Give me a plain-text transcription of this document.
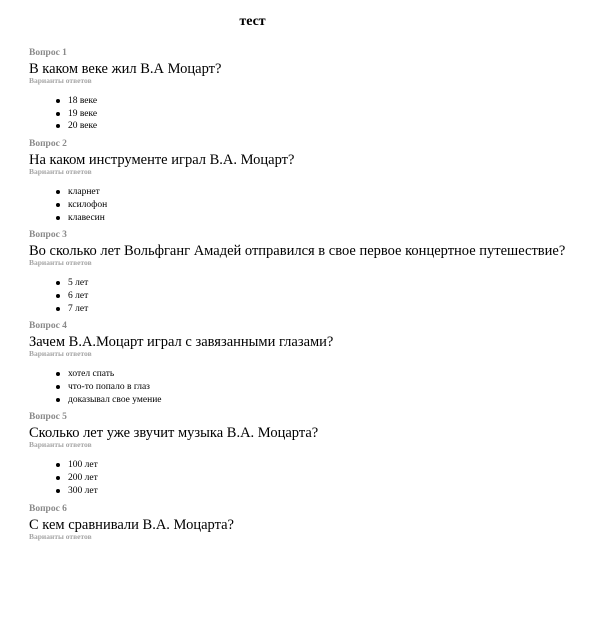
тест
Вопрос 1
В каком веке жил В.А Моцарт?
Варианты ответов
18 веке
19 веке
20 веке
Вопрос 2
На каком инструменте играл В.А. Моцарт?
Варианты ответов
кларнет
ксилофон
клавесин
Вопрос 3
Во сколько лет Вольфганг Амадей отправился в свое первое концертное путешествие?
Варианты ответов
5 лет
6 лет
7 лет
Вопрос 4
Зачем В.А.Моцарт играл с завязанными глазами?
Варианты ответов
хотел спать
что-то попало в глаз
доказывал свое умение
Вопрос 5
Сколько лет уже звучит музыка В.А. Моцарта?
Варианты ответов
100 лет
200 лет
300 лет
Вопрос 6
С кем сравнивали В.А. Моцарта?
Варианты ответов
